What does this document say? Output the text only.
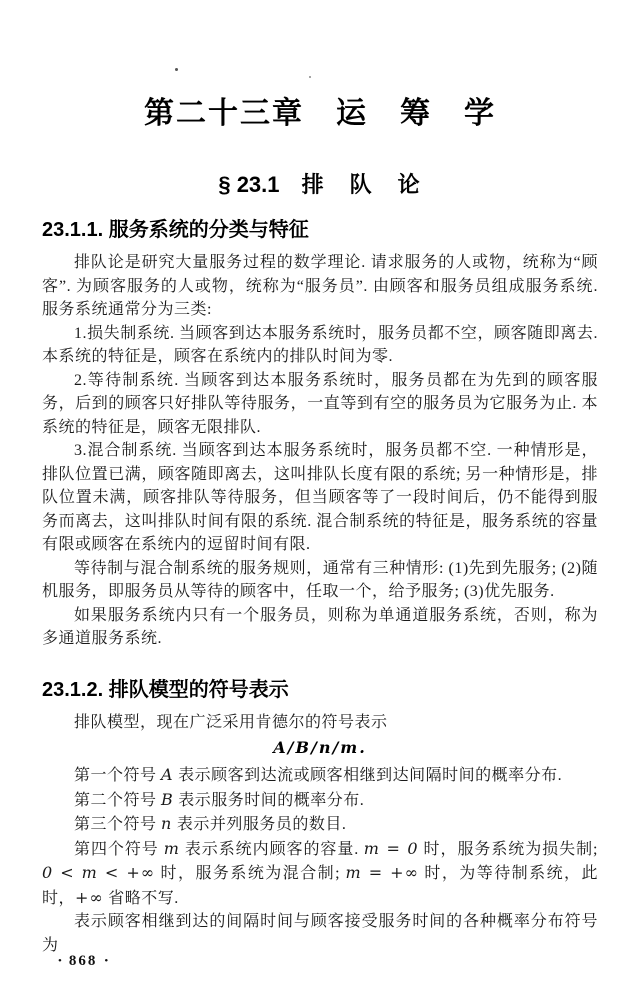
第二十三章　运　筹　学
§ 23.1 排　队　论
23.1.1. 服务系统的分类与特征

排队论是研究大量服务过程的数学理论. 请求服务的人或物，统称为“顾客”. 为顾客服务的人或物，统称为“服务员”. 由顾客和服务员组成服务系统. 服务系统通常分为三类:

1.损失制系统. 当顾客到达本服务系统时，服务员都不空，顾客随即离去. 本系统的特征是，顾客在系统内的排队时间为零.

2.等待制系统. 当顾客到达本服务系统时，服务员都在为先到的顾客服务，后到的顾客只好排队等待服务，一直等到有空的服务员为它服务为止. 本系统的特征是，顾客无限排队.

3.混合制系统. 当顾客到达本服务系统时，服务员都不空. 一种情形是，排队位置已满，顾客随即离去，这叫排队长度有限的系统; 另一种情形是，排队位置未满，顾客排队等待服务，但当顾客等了一段时间后，仍不能得到服务而离去，这叫排队时间有限的系统. 混合制系统的特征是，服务系统的容量有限或顾客在系统内的逗留时间有限.

等待制与混合制系统的服务规则，通常有三种情形: (1)先到先服务; (2)随机服务，即服务员从等待的顾客中，任取一个，给予服务; (3)优先服务.

如果服务系统内只有一个服务员，则称为单通道服务系统，否则，称为多通道服务系统.

23.1.2. 排队模型的符号表示

排队模型，现在广泛采用肯德尔的符号表示

A/B/n/m.

第一个符号 A 表示顾客到达流或顾客相继到达间隔时间的概率分布.

第二个符号 B 表示服务时间的概率分布.

第三个符号 n 表示并列服务员的数目.

第四个符号 m 表示系统内顾客的容量. m = 0 时，服务系统为损失制; 0 < m < +∞ 时，服务系统为混合制; m = +∞ 时，为等待制系统，此时，+∞ 省略不写.

表示顾客相继到达的间隔时间与顾客接受服务时间的各种概率分布符号为

• 868 •
